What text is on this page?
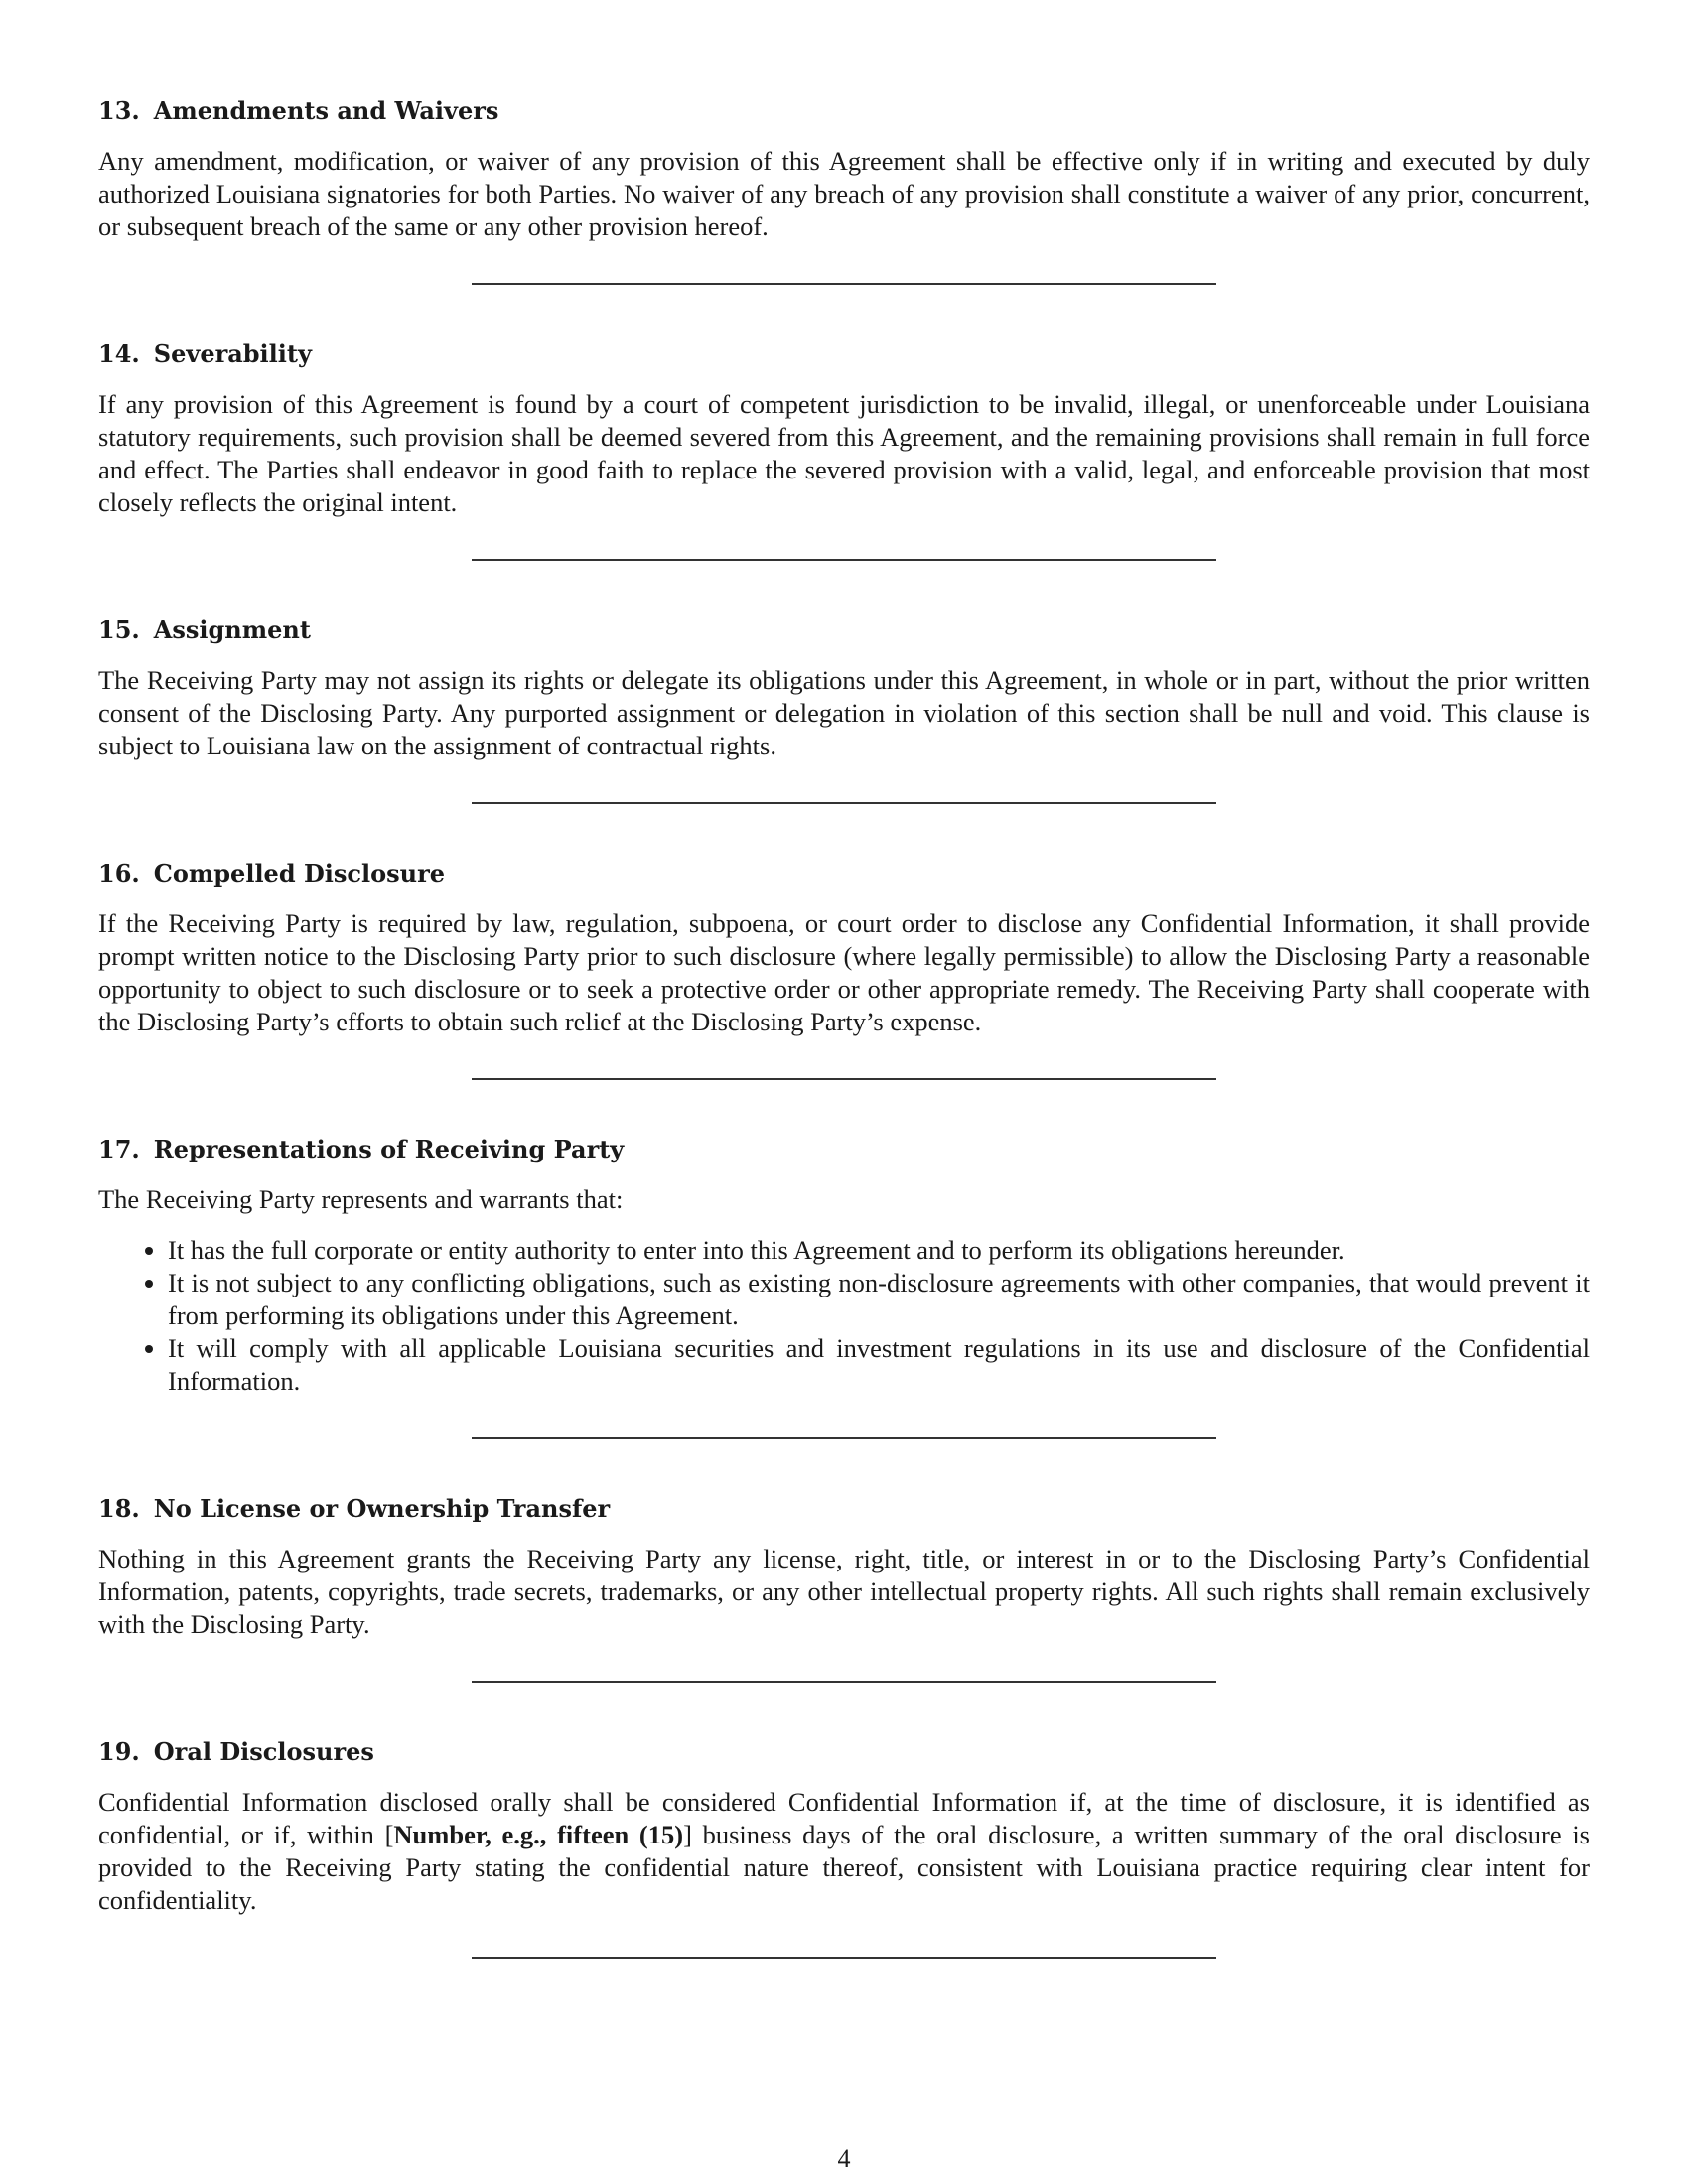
13. Amendments and Waivers

Any amendment, modification, or waiver of any provision of this Agreement shall be effective only if in writing and executed by duly authorized Louisiana signatories for both Parties. No waiver of any breach of any provision shall constitute a waiver of any prior, concurrent, or subsequent breach of the same or any other provision hereof.

14. Severability

If any provision of this Agreement is found by a court of competent jurisdiction to be invalid, illegal, or unenforceable under Louisiana statutory requirements, such provision shall be deemed severed from this Agreement, and the remaining provisions shall remain in full force and effect. The Parties shall endeavor in good faith to replace the severed provision with a valid, legal, and enforceable provision that most closely reflects the original intent.

15. Assignment

The Receiving Party may not assign its rights or delegate its obligations under this Agreement, in whole or in part, without the prior written consent of the Disclosing Party. Any purported assignment or delegation in violation of this section shall be null and void. This clause is subject to Louisiana law on the assignment of contractual rights.

16. Compelled Disclosure

If the Receiving Party is required by law, regulation, subpoena, or court order to disclose any Confidential Information, it shall provide prompt written notice to the Disclosing Party prior to such disclosure (where legally permissible) to allow the Disclosing Party a reasonable opportunity to object to such disclosure or to seek a protective order or other appropriate remedy. The Receiving Party shall cooperate with the Disclosing Party’s efforts to obtain such relief at the Disclosing Party’s expense.

17. Representations of Receiving Party

The Receiving Party represents and warrants that:

• It has the full corporate or entity authority to enter into this Agreement and to perform its obligations hereunder.
• It is not subject to any conflicting obligations, such as existing non-disclosure agreements with other companies, that would prevent it from performing its obligations under this Agreement.
• It will comply with all applicable Louisiana securities and investment regulations in its use and disclosure of the Confidential Information.
18. No License or Ownership Transfer

Nothing in this Agreement grants the Receiving Party any license, right, title, or interest in or to the Disclosing Party’s Confidential Information, patents, copyrights, trade secrets, trademarks, or any other intellectual property rights. All such rights shall remain exclusively with the Disclosing Party.

19. Oral Disclosures

Confidential Information disclosed orally shall be considered Confidential Information if, at the time of disclosure, it is identified as confidential, or if, within [Number, e.g., fifteen (15)] business days of the oral disclosure, a written summary of the oral disclosure is provided to the Receiving Party stating the confidential nature thereof, consistent with Louisiana practice requiring clear intent for confidentiality.

4
